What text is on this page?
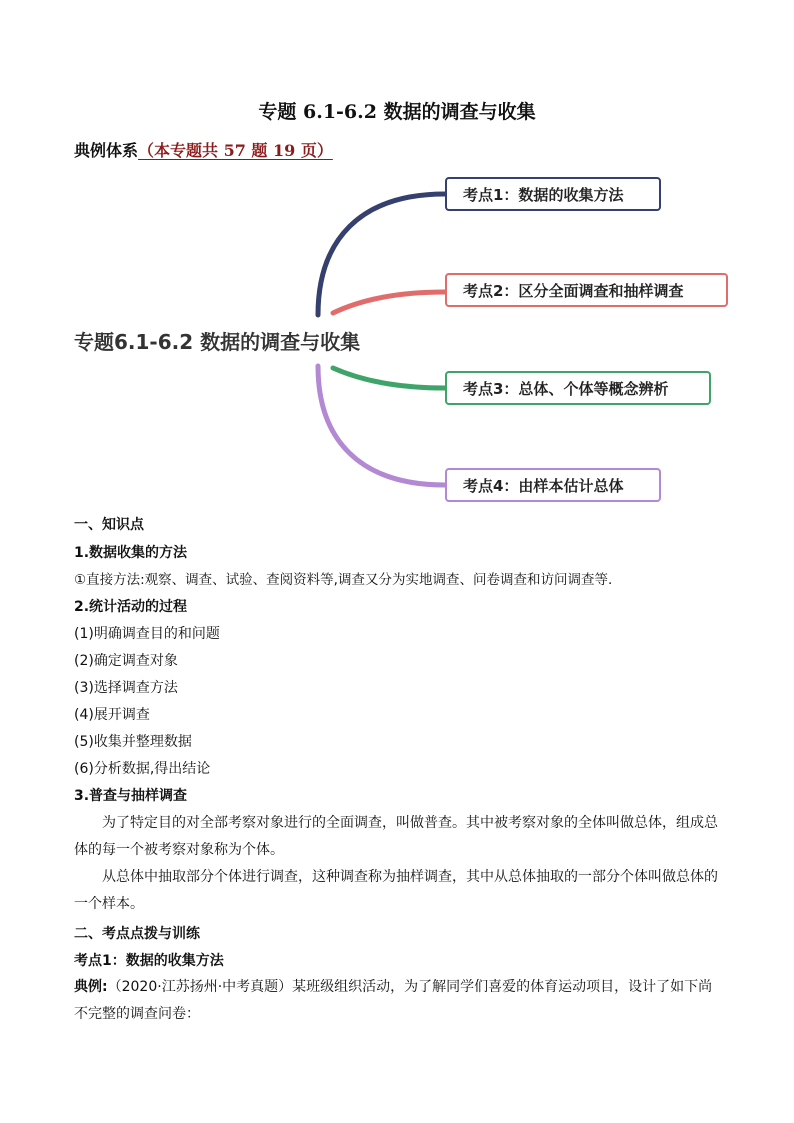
专题 6.1-6.2 数据的调查与收集
典例体系（本专题共 57 题 19 页）
专题6.1-6.2 数据的调查与收集
考点1：数据的收集方法
考点2：区分全面调查和抽样调查
考点3：总体、个体等概念辨析
考点4：由样本估计总体
一、知识点
1.数据收集的方法
①直接方法:观察、调查、试验、查阅资料等,调查又分为实地调查、问卷调查和访问调查等.
2.统计活动的过程
(1)明确调查目的和问题
(2)确定调查对象
(3)选择调查方法
(4)展开调查
(5)收集并整理数据
(6)分析数据,得出结论
3.普查与抽样调查
为了特定目的对全部考察对象进行的全面调查，叫做普查。其中被考察对象的全体叫做总体，组成总体的每一个被考察对象称为个体。
从总体中抽取部分个体进行调查，这种调查称为抽样调查，其中从总体抽取的一部分个体叫做总体的一个样本。
二、考点点拨与训练
考点1：数据的收集方法
典例:（2020·江苏扬州·中考真题）某班级组织活动，为了解同学们喜爱的体育运动项目，设计了如下尚不完整的调查问卷：
